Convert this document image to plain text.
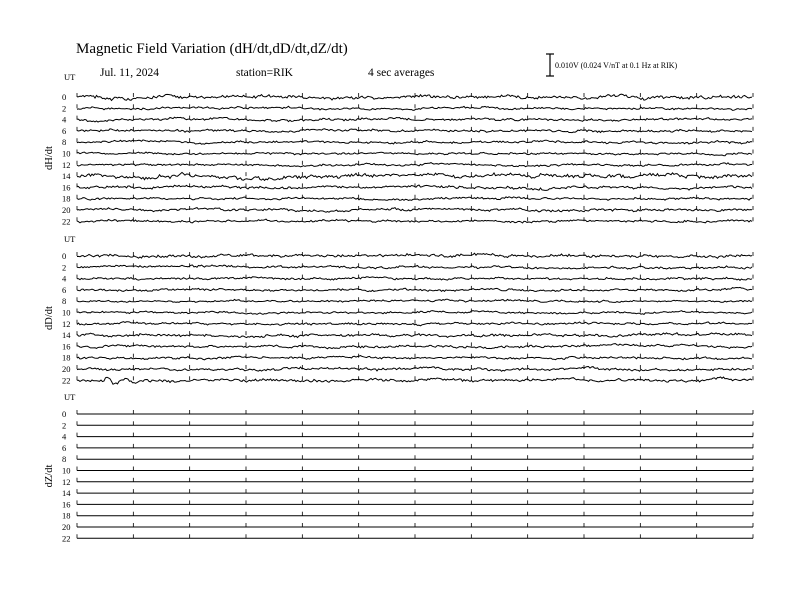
Magnetic Field Variation (dH/dt,dD/dt,dZ/dt)
Jul. 11, 2024	station=RIK	4 sec averages
0.010V (0.024 V/nT at 0.1 Hz at RIK)
UT
dH/dt
0
2
4
6
8
10
12
14
16
18
20
22
UT
dD/dt
0
2
4
6
8
10
12
14
16
18
20
22
UT
dZ/dt
0
2
4
6
8
10
12
14
16
18
20
22
